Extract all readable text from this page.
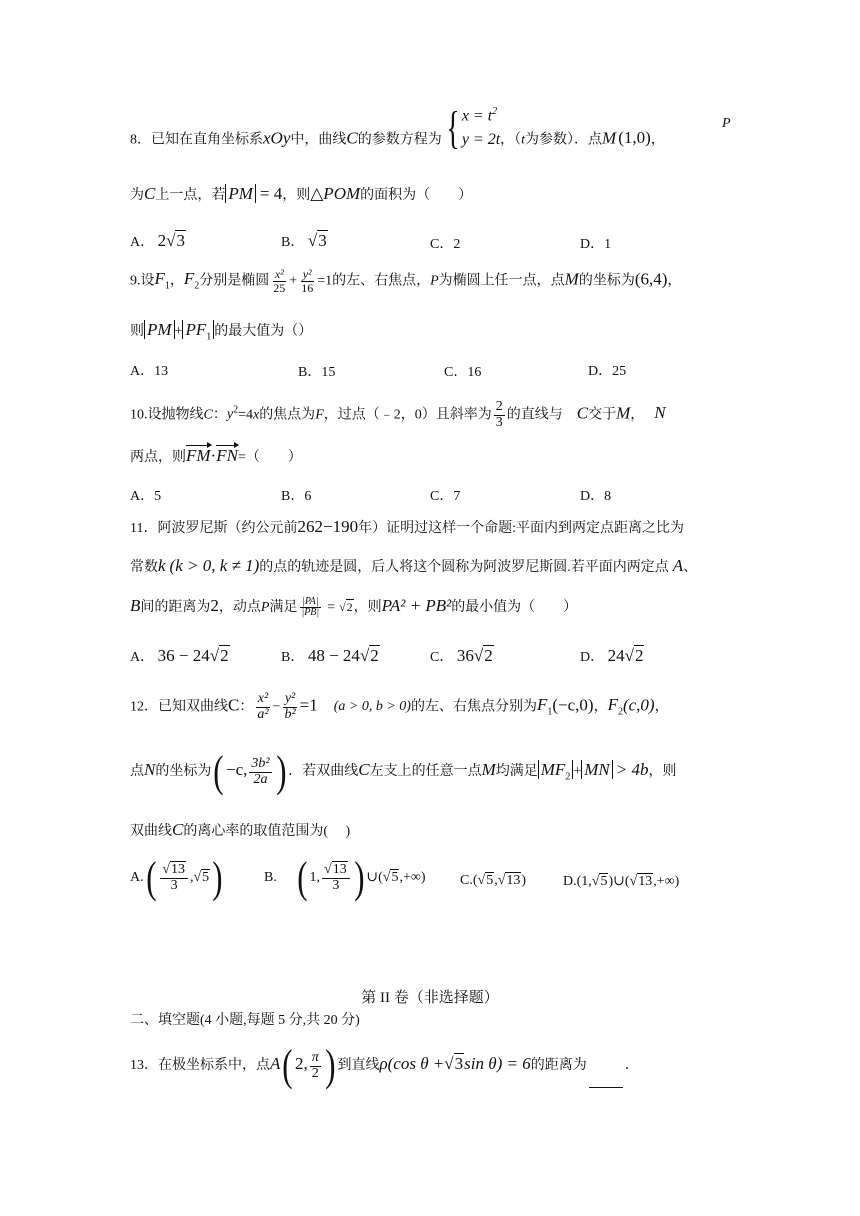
8．已知在直角坐标系xOy中，曲线C的参数方程为 { $x = t^2$
y = 2t ，（t为参数）．点M (1,0)，
P
为C上一点，若 PM = 4，则△POM的面积为（　　）
A． 2√3	B． √3	C．2	D．1
9.设$F_1$，$F_2$分别是椭圆 $\frac{\text{x²}}{25} + \frac{\text{y²}}{16} =1$的左、右焦点，P为椭圆上任一点，点M的坐标为(6,4)，
则 PM + $PF_1$ 的最大值为（）
A．13	B．15	C．16	D．25
10.设抛物线C：$y^2=4x$的焦点为F，过点（﹣2，0）且斜率为 $\frac{2}{3}$ 的直线与 C交于M， N
两点，则FM·FN=（　　）
A．5	B．6	C．7	D．8
11．阿波罗尼斯（约公元前262−190年）证明过这样一个命题:平面内到两定点距离之比为
常数k (k > 0, k ≠ 1)的点的轨迹是圆，后人将这个圆称为阿波罗尼斯圆.若平面内两定点 A、
B间的距离为2，动点P满足 $\frac{|PA|}{|PB|} = √2$，则PA² + PB²的最小值为（　　）
A． 36 − 24√2	B． 48 − 24√2	C． 36√2	D． 24√2
12．已知双曲线C： $\frac{\text{x²}}{\text{a²}} - \frac{\text{y²}}{\text{b²}} =1$ (a > 0, b > 0)的左、右焦点分别为$F_1(-c,0)$，$F_2(c,0)$，
点N的坐标为( −c, $\frac{\text{3b²}}{2a}$ ) ．若双曲线C左支上的任意一点M均满足 $MF_2$ + MN > 4b，则
双曲线C的离心率的取值范围为(　 )
$A.( \frac{√13}{3} ,√5)$	B. ( 1, $\frac{√13}{3}$ ) ∪(√5,+∞) C.(√5,√13)	D.(1,√5)∪(√13,+∞)
第 II 卷（非选择题）
二、填空题(4 小题,每题 5 分,共 20 分)
13．在极坐标系中，点A( 2, $\frac{\pi}{2}$ ) 到直线ρ(cos θ +√3sin θ) = 6的距离为	．
